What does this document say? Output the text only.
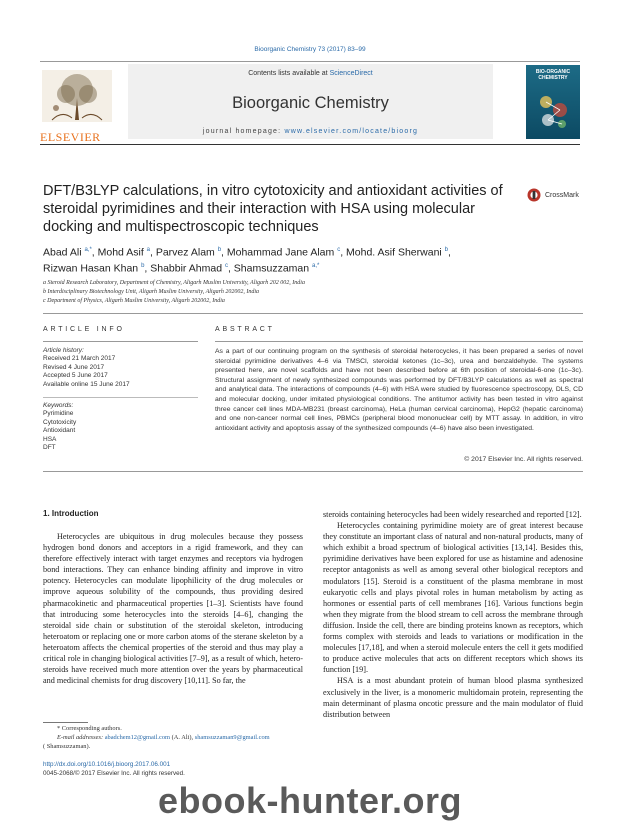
Bioorganic Chemistry 73 (2017) 83–99
ELSEVIER
Contents lists available at ScienceDirect
Bioorganic Chemistry
journal homepage: www.elsevier.com/locate/bioorg
BIO-ORGANIC CHEMISTRY
DFT/B3LYP calculations, in vitro cytotoxicity and antioxidant activities of steroidal pyrimidines and their interaction with HSA using molecular docking and multispectroscopic techniques
CrossMark
Abad Ali $^{a,*}$, Mohd Asif $^a$, Parvez Alam $^b$, Mohammad Jane Alam $^c$, Mohd. Asif Sherwani $^b$,
Rizwan Hasan Khan $^b$, Shabbir Ahmad $^c$, Shamsuzzaman $^{a,*}$
a Steroid Research Laboratory, Department of Chemistry, Aligarh Muslim University, Aligarh 202 002, India
b Interdisciplinary Biotechnology Unit, Aligarh Muslim University, Aligarh 202002, India
c Department of Physics, Aligarh Muslim University, Aligarh 202002, India
ARTICLE INFO	ABSTRACT
Article history:
Received 21 March 2017
Revised 4 June 2017
Accepted 5 June 2017
Available online 15 June 2017
Keywords:
Pyrimidine
Cytotoxicity
Antioxidant
HSA
DFT
As a part of our continuing program on the synthesis of steroidal heterocycles, it has been prepared a series of novel steroidal pyrimidine derivatives 4–6 via TMSCl, steroidal ketones (1c–3c), urea and benzaldehyde. The systems presented here, are novel scaffolds and have not been described before at 6th position of steroidal-6-one (1c–3c). Structural assignment of newly synthesized compounds was performed by DFT/B3LYP calculations as well as spectral and analytical data. The interactions of compounds (4–6) with HSA were studied by fluorescence spectroscopy, DLS, CD and molecular docking, under imitated physiological conditions. The antitumor activity has been tested in vitro against three cancer cell lines MDA-MB231 (breast carcinoma), HeLa (human cervical carcinoma), HepG2 (hepatic carcinoma) and one non-cancer normal cell lines, PBMCs (peripheral blood mononuclear cell) by MTT assay. In addition, in vitro antioxidant activity and apoptosis assay of the synthesized compounds (4–6) have also been investigated.
© 2017 Elsevier Inc. All rights reserved.
1. Introduction

Heterocycles are ubiquitous in drug molecules because they possess hydrogen bond donors and acceptors in a rigid framework, and they can therefore effectively interact with target enzymes and receptors via hydrogen bond interactions. They can enhance binding affinity and improve in vitro potency. Heterocycles can modulate lipophilicity of the drug molecules or improve aqueous solubility of the compounds, thus providing desired pharmacokinetic and pharmaceutical properties [1–3]. Scientists have found that introducing some heterocycles into the steroids [4–6], changing the steroidal side chain or substitution of the steroidal skeleton, introducing heteroatom or replacing one or more carbon atoms of the sterane skeleton by a heteroatom affects the chemical properties of the steroid and thus may play a critical role in changing biological activities [7–9], as a result of which, hetero-steroids have received much more attention over the years by pharmaceutical and medicinal chemists for drug discovery [10,11]. So far, the

steroids containing heterocycles had been widely researched and reported [12].

Heterocycles containing pyrimidine moiety are of great interest because they constitute an important class of natural and non-natural products, many of which exhibit a broad spectrum of biological activities [13,14]. Besides this, pyrimidine derivatives have been explored for use as histamine and adenosine receptor antagonists as well as among several other biological receptors and modulators [15]. Steroid is a constituent of the plasma membrane in most eukaryotic cells and plays pivotal roles in human metabolism by acting as hormones or essential parts of cell membranes [16]. Various functions begin when they migrate from the blood stream to cell across the membrane through diffusion. Inside the cell, there are binding proteins known as receptors, which forms complex with steroids and leads to variations or modification in the molecules [17,18], and when a steroid molecule enters the cell it gets modified to produce active molecules that acts on different receptors which shows its function [19].

HSA is a most abundant protein of human blood plasma synthesized exclusively in the liver, is a monomeric multidomain protein, representing the main determinant of plasma oncotic pressure and the main modulator of fluid distribution between

* Corresponding authors.
E-mail addresses: abadchem12@gmail.com (A. Ali), shamsuzzaman9@gmail.com
( Shamsuzzaman).
http://dx.doi.org/10.1016/j.bioorg.2017.06.001
0045-2068/© 2017 Elsevier Inc. All rights reserved.
ebook-hunter.org
